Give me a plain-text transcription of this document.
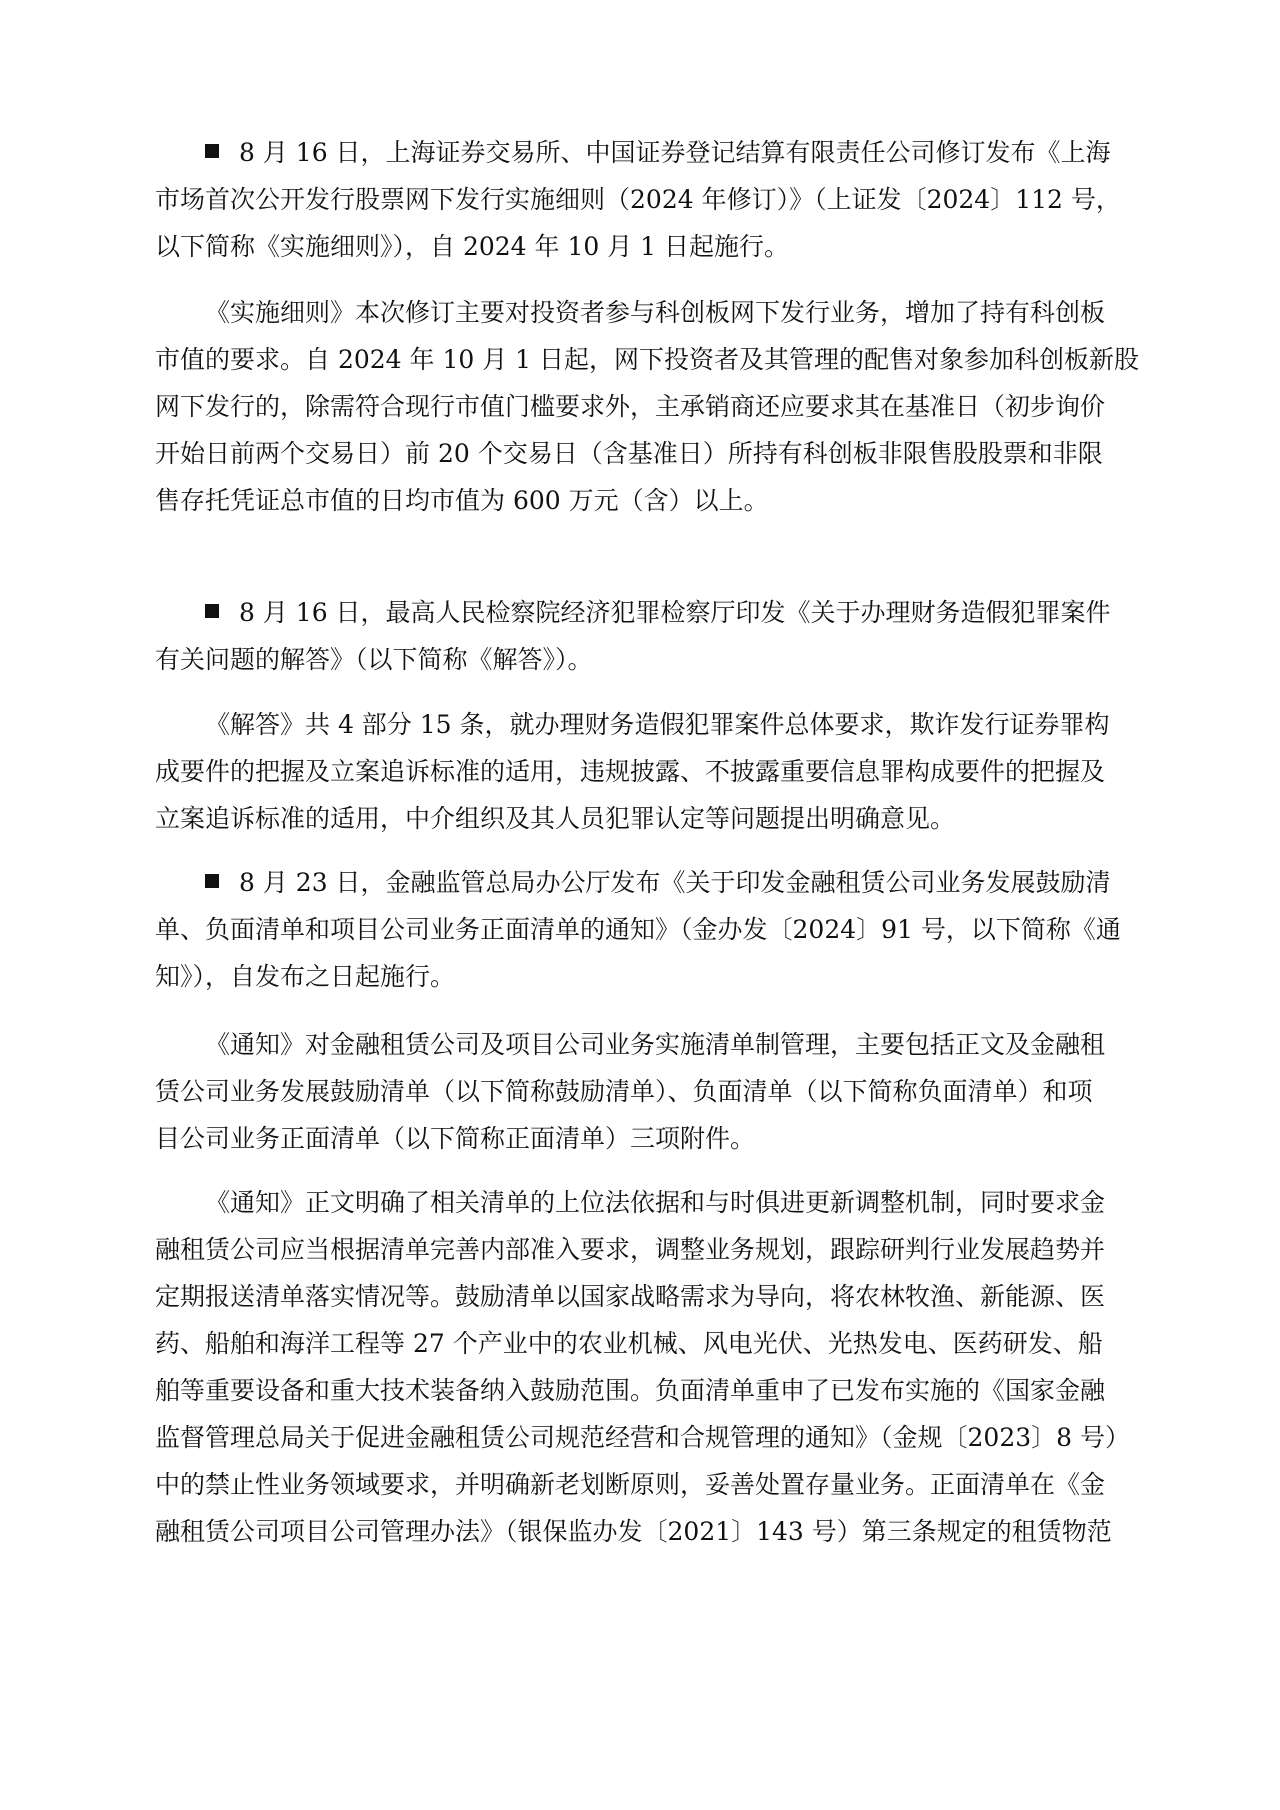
8 月 16 日，上海证券交易所、中国证券登记结算有限责任公司修订发布《上海
市场首次公开发行股票网下发行实施细则（2024 年修订）》（上证发〔2024〕112 号，
以下简称《实施细则》），自 2024 年 10 月 1 日起施行。
《实施细则》本次修订主要对投资者参与科创板网下发行业务，增加了持有科创板
市值的要求。自 2024 年 10 月 1 日起，网下投资者及其管理的配售对象参加科创板新股
网下发行的，除需符合现行市值门槛要求外，主承销商还应要求其在基准日（初步询价
开始日前两个交易日）前 20 个交易日（含基准日）所持有科创板非限售股股票和非限
售存托凭证总市值的日均市值为 600 万元（含）以上。
8 月 16 日，最高人民检察院经济犯罪检察厅印发《关于办理财务造假犯罪案件
有关问题的解答》（以下简称《解答》）。
《解答》共 4 部分 15 条，就办理财务造假犯罪案件总体要求，欺诈发行证券罪构
成要件的把握及立案追诉标准的适用，违规披露、不披露重要信息罪构成要件的把握及
立案追诉标准的适用，中介组织及其人员犯罪认定等问题提出明确意见。
8 月 23 日，金融监管总局办公厅发布《关于印发金融租赁公司业务发展鼓励清
单、负面清单和项目公司业务正面清单的通知》（金办发〔2024〕91 号，以下简称《通
知》），自发布之日起施行。
《通知》对金融租赁公司及项目公司业务实施清单制管理，主要包括正文及金融租
赁公司业务发展鼓励清单（以下简称鼓励清单）、负面清单（以下简称负面清单）和项
目公司业务正面清单（以下简称正面清单）三项附件。
《通知》正文明确了相关清单的上位法依据和与时俱进更新调整机制，同时要求金
融租赁公司应当根据清单完善内部准入要求，调整业务规划，跟踪研判行业发展趋势并
定期报送清单落实情况等。鼓励清单以国家战略需求为导向，将农林牧渔、新能源、医
药、船舶和海洋工程等 27 个产业中的农业机械、风电光伏、光热发电、医药研发、船
舶等重要设备和重大技术装备纳入鼓励范围。负面清单重申了已发布实施的《国家金融
监督管理总局关于促进金融租赁公司规范经营和合规管理的通知》（金规〔2023〕8 号）
中的禁止性业务领域要求，并明确新老划断原则，妥善处置存量业务。正面清单在《金
融租赁公司项目公司管理办法》（银保监办发〔2021〕143 号）第三条规定的租赁物范
